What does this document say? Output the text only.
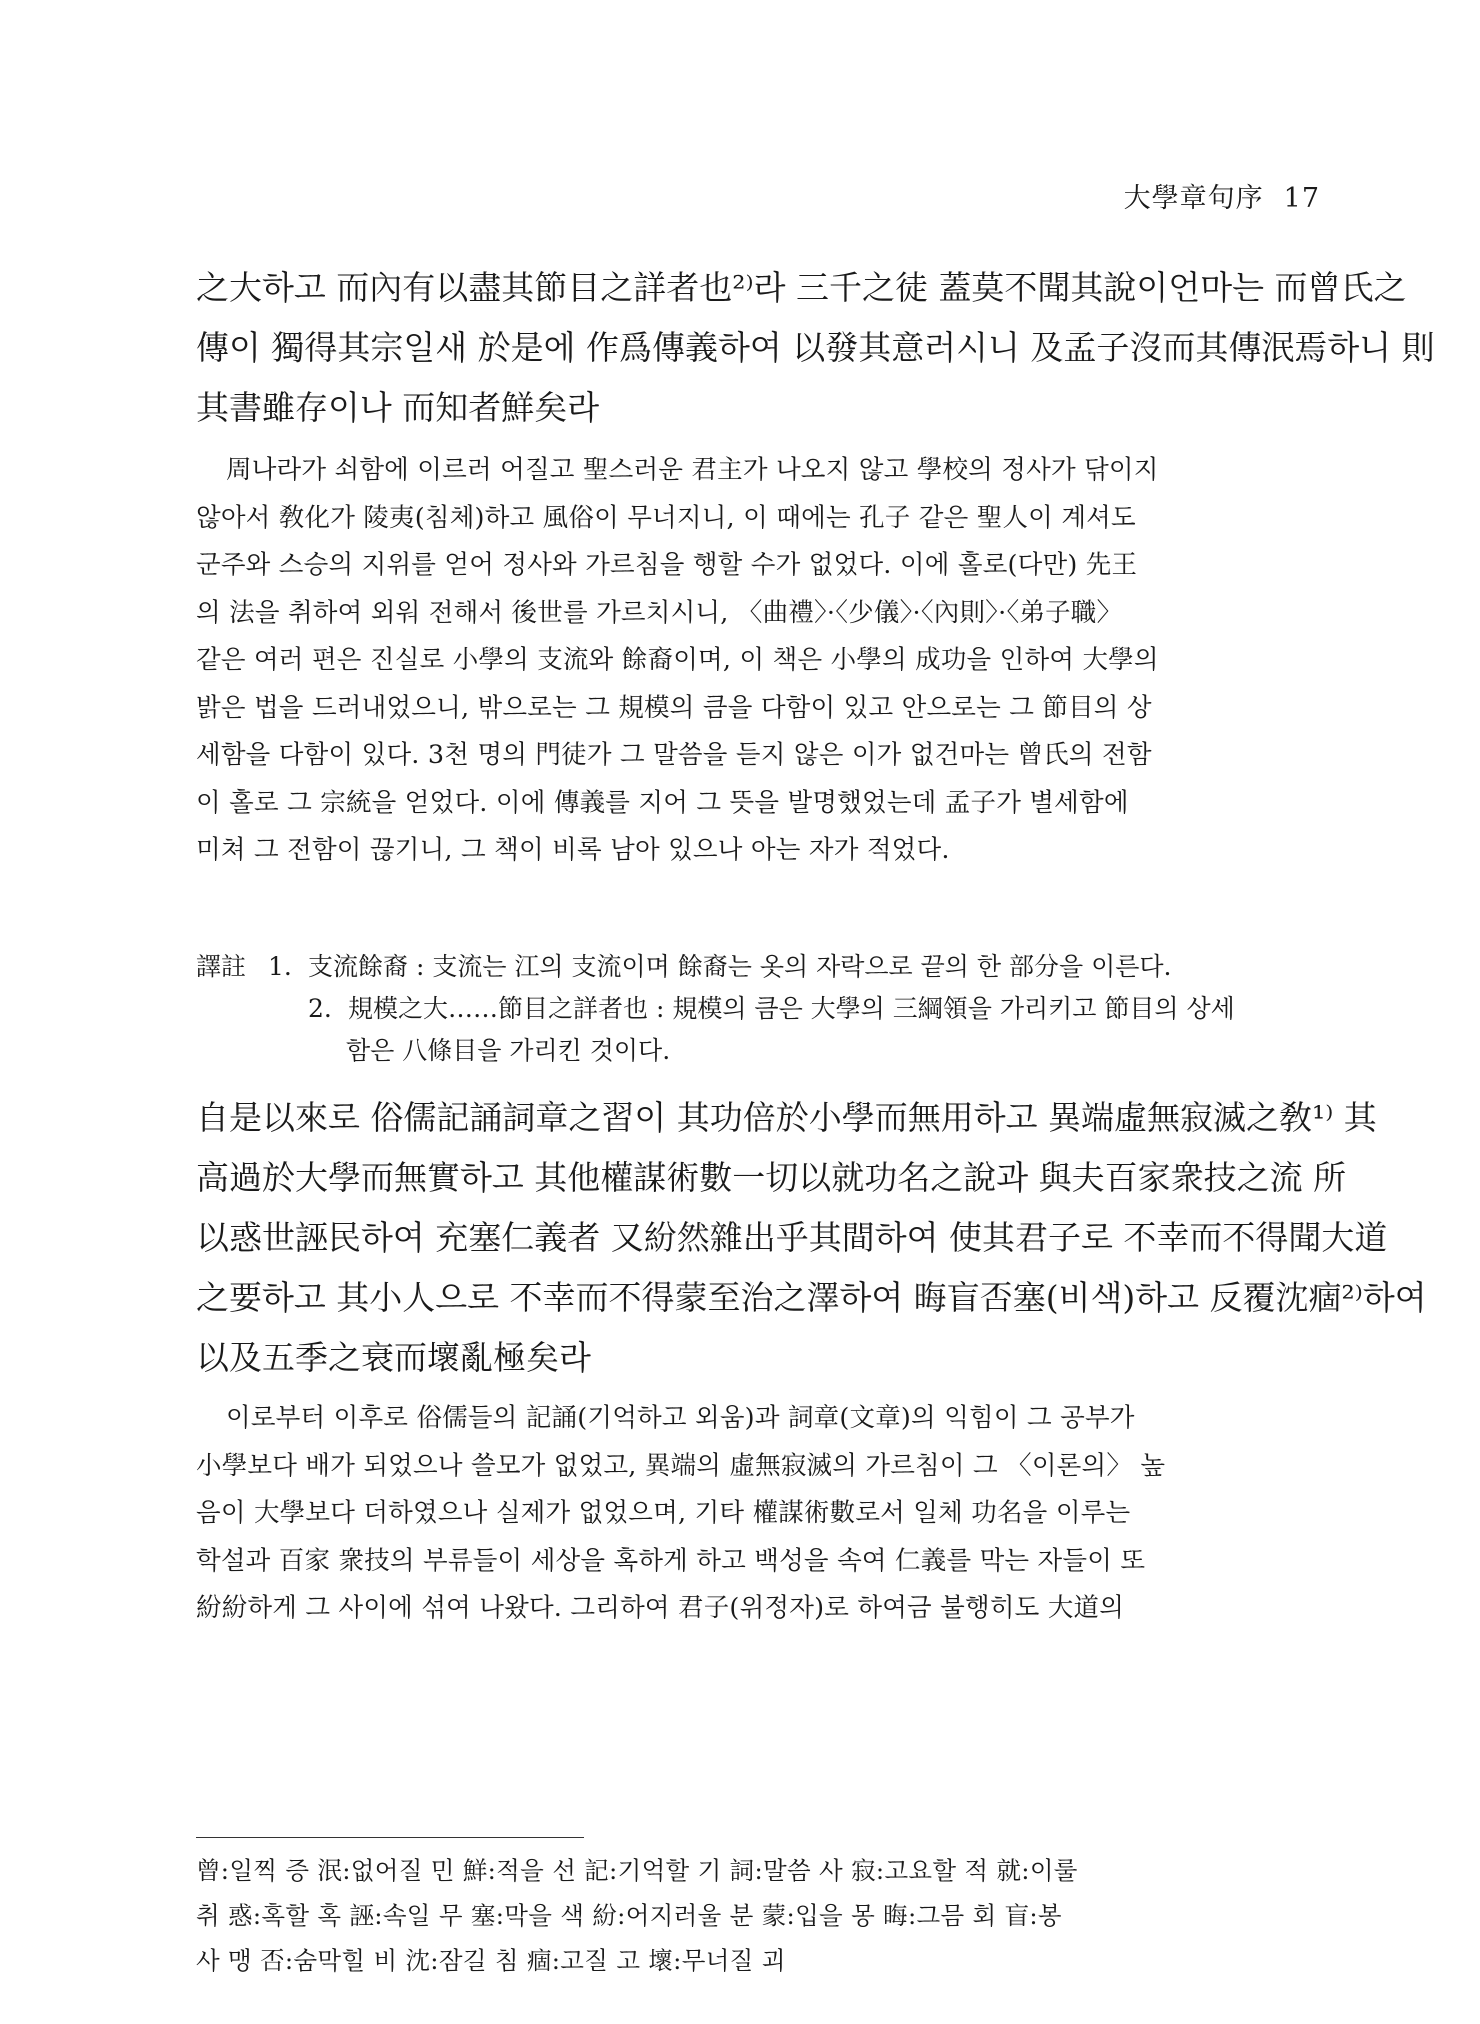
大學章句序 17
之大하고 而內有以盡其節目之詳者也²⁾라 三千之徒 蓋莫不聞其說이언마는 而曾氏之
傳이 獨得其宗일새 於是에 作爲傳義하여 以發其意러시니 及孟子沒而其傳泯焉하니 則
其書雖存이나 而知者鮮矣라
周나라가 쇠함에 이르러 어질고 聖스러운 君主가 나오지 않고 學校의 정사가 닦이지
않아서 敎化가 陵夷(침체)하고 風俗이 무너지니, 이 때에는 孔子 같은 聖人이 계셔도
군주와 스승의 지위를 얻어 정사와 가르침을 행할 수가 없었다. 이에 홀로(다만) 先王
의 法을 취하여 외워 전해서 後世를 가르치시니, 〈曲禮〉·〈少儀〉·〈內則〉·〈弟子職〉
같은 여러 편은 진실로 小學의 支流와 餘裔이며, 이 책은 小學의 成功을 인하여 大學의
밝은 법을 드러내었으니, 밖으로는 그 規模의 큼을 다함이 있고 안으로는 그 節目의 상
세함을 다함이 있다. 3천 명의 門徒가 그 말씀을 듣지 않은 이가 없건마는 曾氏의 전함
이 홀로 그 宗統을 얻었다. 이에 傳義를 지어 그 뜻을 발명했었는데 孟子가 별세함에
미쳐 그 전함이 끊기니, 그 책이 비록 남아 있으나 아는 자가 적었다.
譯註 1. 支流餘裔 : 支流는 江의 支流이며 餘裔는 옷의 자락으로 끝의 한 部分을 이른다.
2. 規模之大……節目之詳者也 : 規模의 큼은 大學의 三綱領을 가리키고 節目의 상세
함은 八條目을 가리킨 것이다.
自是以來로 俗儒記誦詞章之習이 其功倍於小學而無用하고 異端虛無寂滅之敎¹⁾ 其
高過於大學而無實하고 其他權謀術數一切以就功名之說과 與夫百家衆技之流 所
以惑世誣民하여 充塞仁義者 又紛然雜出乎其間하여 使其君子로 不幸而不得聞大道
之要하고 其小人으로 不幸而不得蒙至治之澤하여 晦盲否塞(비색)하고 反覆沈痼²⁾하여
以及五季之衰而壞亂極矣라
이로부터 이후로 俗儒들의 記誦(기억하고 외움)과 詞章(文章)의 익힘이 그 공부가
小學보다 배가 되었으나 쓸모가 없었고, 異端의 虛無寂滅의 가르침이 그 〈이론의〉 높
음이 大學보다 더하였으나 실제가 없었으며, 기타 權謀術數로서 일체 功名을 이루는
학설과 百家 衆技의 부류들이 세상을 혹하게 하고 백성을 속여 仁義를 막는 자들이 또
紛紛하게 그 사이에 섞여 나왔다. 그리하여 君子(위정자)로 하여금 불행히도 大道의
曾:일찍 증 泯:없어질 민 鮮:적을 선 記:기억할 기 詞:말씀 사 寂:고요할 적 就:이룰
취 惑:혹할 혹 誣:속일 무 塞:막을 색 紛:어지러울 분 蒙:입을 몽 晦:그믐 회 盲:봉
사 맹 否:숨막힐 비 沈:잠길 침 痼:고질 고 壞:무너질 괴
